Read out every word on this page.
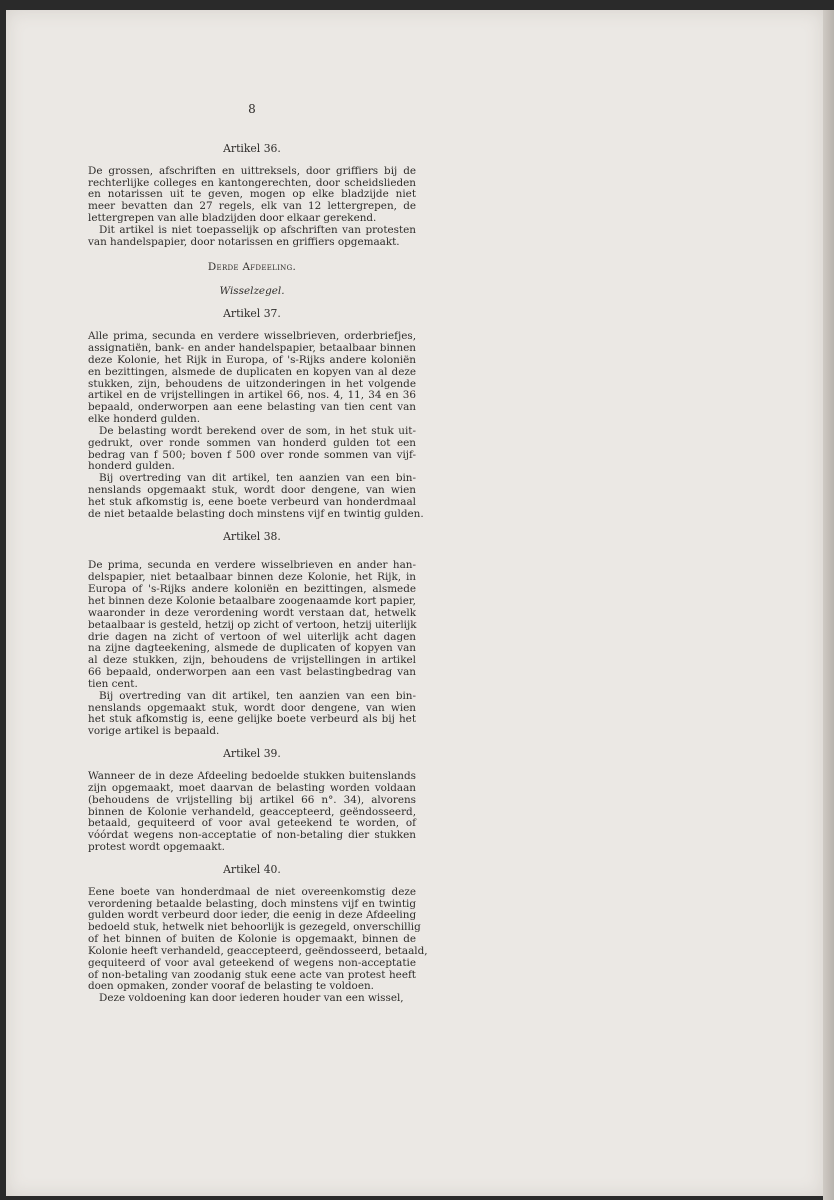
8
Artikel 36.

De grossen, afschriften en uittreksels, door griffiers bij de

rechterlijke colleges en kantongerechten, door scheidslieden

en notarissen uit te geven, mogen op elke bladzijde niet

meer bevatten dan 27 regels, elk van 12 lettergrepen, de

lettergrepen van alle bladzijden door elkaar gerekend.

Dit artikel is niet toepasselijk op afschriften van protesten

van handelspapier, door notarissen en griffiers opgemaakt.

Derde Afdeeling.
Wisselzegel.
Artikel 37.

Alle prima, secunda en verdere wisselbrieven, orderbriefjes,

assignatiën, bank- en ander handelspapier, betaalbaar binnen

deze Kolonie, het Rijk in Europa, of 's-Rijks andere koloniën

en bezittingen, alsmede de duplicaten en kopyen van al deze

stukken, zijn, behoudens de uitzonderingen in het volgende

artikel en de vrijstellingen in artikel 66, nos. 4, 11, 34 en 36

bepaald, onderworpen aan eene belasting van tien cent van

elke honderd gulden.

De belasting wordt berekend over de som, in het stuk uit-

gedrukt, over ronde sommen van honderd gulden tot een

bedrag van f 500; boven f 500 over ronde sommen van vijf-

honderd gulden.

Bij overtreding van dit artikel, ten aanzien van een bin-

nenslands opgemaakt stuk, wordt door dengene, van wien

het stuk afkomstig is, eene boete verbeurd van honderdmaal

de niet betaalde belasting doch minstens vijf en twintig gulden.

Artikel 38.

De prima, secunda en verdere wisselbrieven en ander han-

delspapier, niet betaalbaar binnen deze Kolonie, het Rijk, in

Europa of 's-Rijks andere koloniën en bezittingen, alsmede

het binnen deze Kolonie betaalbare zoogenaamde kort papier,

waaronder in deze verordening wordt verstaan dat, hetwelk

betaalbaar is gesteld, hetzij op zicht of vertoon, hetzij uiterlijk

drie dagen na zicht of vertoon of wel uiterlijk acht dagen

na zijne dagteekening, alsmede de duplicaten of kopyen van

al deze stukken, zijn, behoudens de vrijstellingen in artikel

66 bepaald, onderworpen aan een vast belastingbedrag van

tien cent.

Bij overtreding van dit artikel, ten aanzien van een bin-

nenslands opgemaakt stuk, wordt door dengene, van wien

het stuk afkomstig is, eene gelijke boete verbeurd als bij het

vorige artikel is bepaald.

Artikel 39.

Wanneer de in deze Afdeeling bedoelde stukken buitenslands

zijn opgemaakt, moet daarvan de belasting worden voldaan

(behoudens de vrijstelling bij artikel 66 n°. 34), alvorens

binnen de Kolonie verhandeld, geaccepteerd, geëndosseerd,

betaald, gequiteerd of voor aval geteekend te worden, of

vóórdat wegens non-acceptatie of non-betaling dier stukken

protest wordt opgemaakt.

Artikel 40.

Eene boete van honderdmaal de niet overeenkomstig deze

verordening betaalde belasting, doch minstens vijf en twintig

gulden wordt verbeurd door ieder, die eenig in deze Afdeeling

bedoeld stuk, hetwelk niet behoorlijk is gezegeld, onverschillig

of het binnen of buiten de Kolonie is opgemaakt, binnen de

Kolonie heeft verhandeld, geaccepteerd, geëndosseerd, betaald,

gequiteerd of voor aval geteekend of wegens non-acceptatie

of non-betaling van zoodanig stuk eene acte van protest heeft

doen opmaken, zonder vooraf de belasting te voldoen.

Deze voldoening kan door iederen houder van een wissel,
